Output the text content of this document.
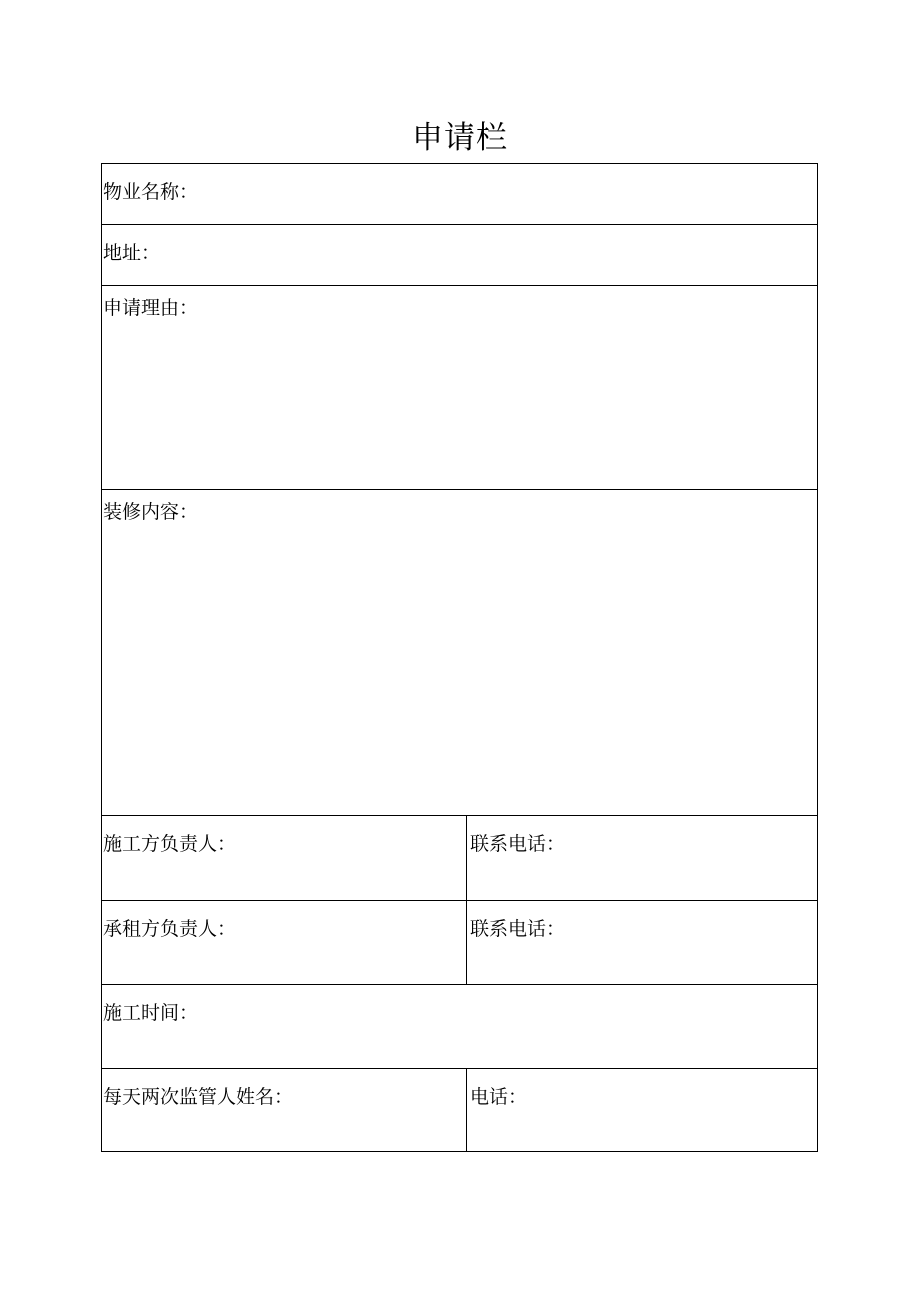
申请栏
物业名称：
地址：
申请理由：
装修内容：
施工方负责人：	联系电话：
承租方负责人：	联系电话：
施工时间：
每天两次监管人姓名：	电话：
